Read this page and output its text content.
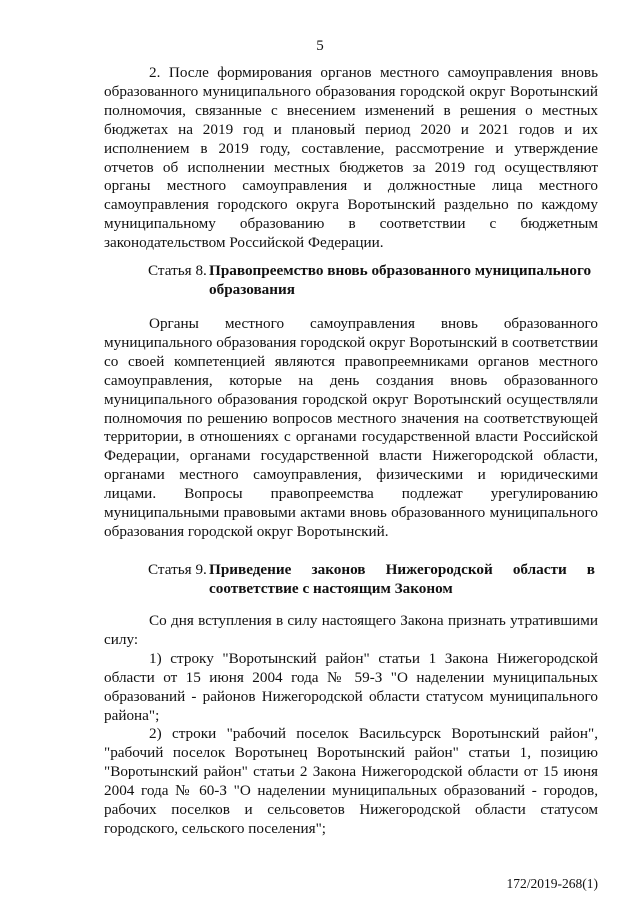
5

2. После формирования органов местного самоуправления вновь образованного муниципального образования городской округ Воротынский полномочия, связанные с внесением изменений в решения о местных бюджетах на 2019 год и плановый период 2020 и 2021 годов и их исполнением в 2019 году, составление, рассмотрение и утверждение отчетов об исполнении местных бюджетов за 2019 год осуществляют органы местного самоуправления и должностные лица местного самоуправления городского округа Воротынский раздельно по каждому муниципальному образованию в соответствии с бюджетным законодательством Российской Федерации.

Статья 8. Правопреемство вновь образованного муниципального образования

Органы местного самоуправления вновь образованного муниципального образования городской округ Воротынский в соответствии со своей компетенцией являются правопреемниками органов местного самоуправления, которые на день создания вновь образованного муниципального образования городской округ Воротынский осуществляли полномочия по решению вопросов местного значения на соответствующей территории, в отношениях с органами государственной власти Российской Федерации, органами государственной власти Нижегородской области, органами местного самоуправления, физическими и юридическими лицами. Вопросы правопреемства подлежат урегулированию муниципальными правовыми актами вновь образованного муниципального образования городской округ Воротынский.

Статья 9. Приведение законов Нижегородской области в
соответствие с настоящим Законом

Со дня вступления в силу настоящего Закона признать утратившими силу:

1) строку "Воротынский район" статьи 1 Закона Нижегородской области от 15 июня 2004 года № 59-З "О наделении муниципальных образований - районов Нижегородской области статусом муниципального района";

2) строки "рабочий поселок Васильсурск Воротынский район", "рабочий поселок Воротынец Воротынский район" статьи 1, позицию "Воротынский район" статьи 2 Закона Нижегородской области от 15 июня 2004 года № 60-З "О наделении муниципальных образований - городов, рабочих поселков и сельсоветов Нижегородской области статусом городского, сельского поселения";

172/2019-268(1)
